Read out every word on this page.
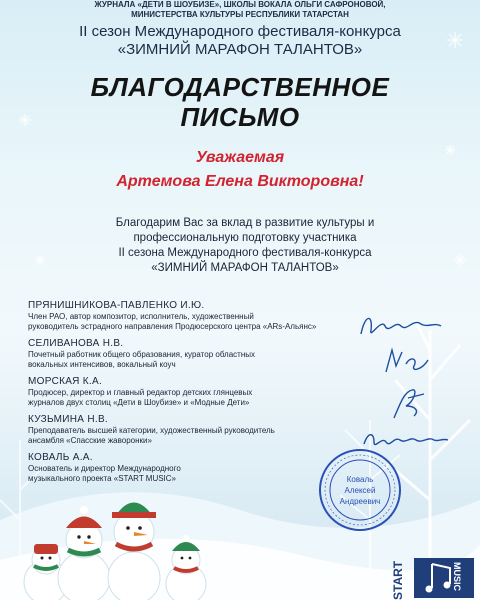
ЖУРНАЛА «ДЕТИ В ШОУБИЗЕ», ШКОЛЫ ВОКАЛА ОЛЬГИ САФРОНОВОЙ,
МИНИСТЕРСТВА КУЛЬТУРЫ РЕСПУБЛИКИ ТАТАРСТАН
II сезон Международного фестиваля-конкурса
«ЗИМНИЙ МАРАФОН ТАЛАНТОВ»
БЛАГОДАРСТВЕННОЕ
ПИСЬМО
Уважаемая
Артемова Елена Викторовна!
Благодарим Вас за вклад в развитие культуры и
профессиональную подготовку участника
II сезона Международного фестиваля-конкурса
«ЗИМНИЙ МАРАФОН ТАЛАНТОВ»
ПРЯНИШНИКОВА-ПАВЛЕНКО И.Ю.
Член РАО, автор композитор, исполнитель, художественный
руководитель эстрадного направления Продюсерского центра «ARs-Альянс»
СЕЛИВАНОВА Н.В.
Почетный работник общего образования, куратор областных
вокальных интенсивов, вокальный коуч
МОРСКАЯ К.А.
Продюсер, директор и главный редактор детских глянцевых
журналов двух столиц «Дети в Шоубизе» и «Модные Дети»
КУЗЬМИНА Н.В.
Преподаватель высшей категории, художественный руководитель
ансамбля «Спасские жаворонки»
КОВАЛЬ А.А.
Основатель и директор Международного
музыкального проекта «START MUSIC»	Коваль
Алексей
Андреевич
START	MUSIC
